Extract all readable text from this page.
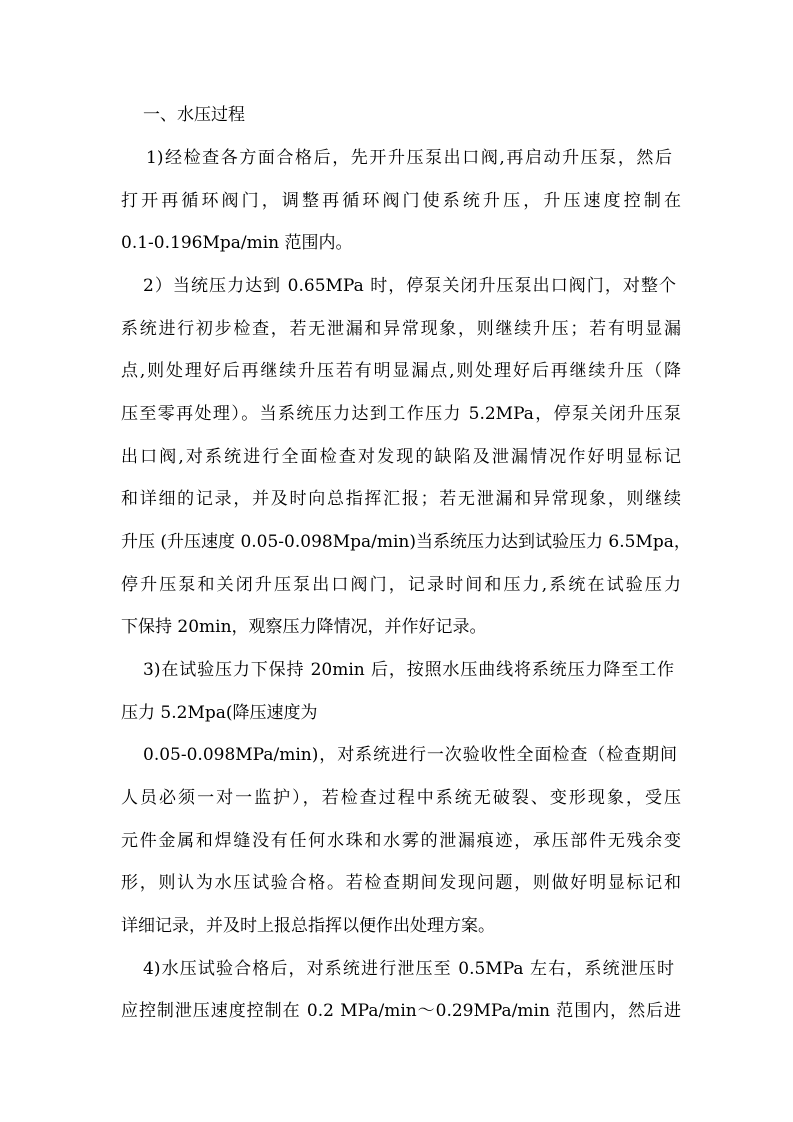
一、水压过程
1)经检查各方面合格后，先开升压泵出口阀,再启动升压泵，然后
打开再循环阀门，调整再循环阀门使系统升压，升压速度控制在
0.1-0.196Mpa/min 范围内。
2）当统压力达到 0.65MPa 时，停泵关闭升压泵出口阀门，对整个
系统进行初步检查，若无泄漏和异常现象，则继续升压；若有明显漏
点,则处理好后再继续升压若有明显漏点,则处理好后再继续升压（降
压至零再处理）。当系统压力达到工作压力 5.2MPa，停泵关闭升压泵
出口阀,对系统进行全面检查对发现的缺陷及泄漏情况作好明显标记
和详细的记录，并及时向总指挥汇报；若无泄漏和异常现象，则继续
升压 (升压速度 0.05-0.098Mpa/min)当系统压力达到试验压力 6.5Mpa，
停升压泵和关闭升压泵出口阀门，记录时间和压力,系统在试验压力
下保持 20min，观察压力降情况，并作好记录。
3)在试验压力下保持 20min 后，按照水压曲线将系统压力降至工作
压力 5.2Mpa(降压速度为
0.05-0.098MPa/min)，对系统进行一次验收性全面检查（检查期间
人员必须一对一监护），若检查过程中系统无破裂、变形现象，受压
元件金属和焊缝没有任何水珠和水雾的泄漏痕迹，承压部件无残余变
形，则认为水压试验合格。若检查期间发现问题，则做好明显标记和
详细记录，并及时上报总指挥以便作出处理方案。
4)水压试验合格后，对系统进行泄压至 0.5MPa 左右，系统泄压时
应控制泄压速度控制在 0.2 MPa/min～0.29MPa/min 范围内，然后进
